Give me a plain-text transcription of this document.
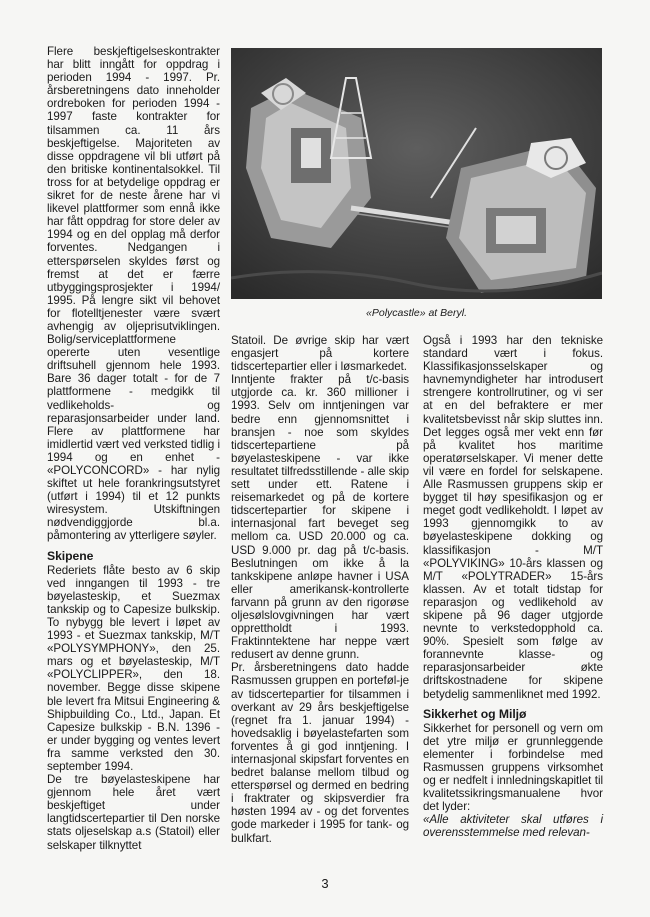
Flere beskjeftigelseskontrakter har blitt inngått for oppdrag i perioden 1994 - 1997. Pr. årsberetningens dato inneholder ordreboken for perioden 1994 - 1997 faste kontrakter for tilsammen ca. 11 års beskjeftigelse. Majoriteten av disse oppdragene vil bli utført på den britiske kontinentalsokkel. Til tross for at betydelige oppdrag er sikret for de neste årene har vi likevel plattformer som ennå ikke har fått oppdrag for store deler av 1994 og en del opplag må derfor forventes. Nedgangen i etterspørselen skyldes først og fremst at det er færre utbyggingsprosjekter i 1994/ 1995. På lengre sikt vil behovet for flotelltjenester være svært avhengig av oljeprisutviklingen. Bolig/serviceplattformene opererte uten vesentlige driftsuhell gjennom hele 1993. Bare 36 dager totalt - for de 7 plattformene - medgikk til vedlikeholds- og reparasjonsarbeider under land. Flere av plattformene har imidlertid vært ved verksted tidlig i 1994 og en enhet - «POLYCONCORD» - har nylig skiftet ut hele forankringsutstyret (utført i 1994) til et 12 punkts wiresystem. Utskiftningen nødvendiggjorde bl.a. påmontering av ytterligere søyler.

Skipene

Rederiets flåte besto av 6 skip ved inngangen til 1993 - tre bøyelasteskip, et Suezmax tankskip og to Capesize bulkskip. To nybygg ble levert i løpet av 1993 - et Suezmax tankskip, M/T «POLYSYMPHONY», den 25. mars og et bøyelasteskip, M/T «POLYCLIPPER», den 18. november. Begge disse skipene ble levert fra Mitsui Engineering & Shipbuilding Co., Ltd., Japan. Et Capesize bulkskip - B.N. 1396 - er under bygging og ventes levert fra samme verksted den 30. september 1994.

De tre bøyelasteskipene har gjennom hele året vært beskjeftiget under langtidscertepartier til Den norske stats oljeselskap a.s (Statoil) eller selskaper tilknyttet

«Polycastle» at Beryl.

Statoil. De øvrige skip har vært engasjert på kortere tidscertepartier eller i løsmarkedet.

Inntjente frakter på t/c-basis utgjorde ca. kr. 360 millioner i 1993. Selv om inntjeningen var bedre enn gjennomsnittet i bransjen - noe som skyldes tidscertepartiene på bøyelasteskipene - var ikke resultatet tilfredsstillende - alle skip sett under ett. Ratene i reisemarkedet og på de kortere tidscertepartier for skipene i internasjonal fart beveget seg mellom ca. USD 20.000 og ca. USD 9.000 pr. dag på t/c-basis. Beslutningen om ikke å la tankskipene anløpe havner i USA eller amerikansk-kontrollerte farvann på grunn av den rigorøse oljesølslovgivningen har vært opprettholdt i 1993. Fraktinntektene har neppe vært redusert av denne grunn.

Pr. årsberetningens dato hadde Rasmussen gruppen en porteføl-je av tidscertepartier for tilsammen i overkant av 29 års beskjeftigelse (regnet fra 1. januar 1994) - hovedsaklig i bøyelastefarten som forventes å gi god inntjening. I internasjonal skipsfart forventes en bedret balanse mellom tilbud og etterspørsel og dermed en bedring i fraktrater og skipsverdier fra høsten 1994 av - og det forventes gode markeder i 1995 for tank- og bulkfart.

Også i 1993 har den tekniske standard vært i fokus. Klassifikasjonsselskaper og havnemyndigheter har introdusert strengere kontrollrutiner, og vi ser at en del befraktere er mer kvalitetsbevisst når skip sluttes inn. Det legges også mer vekt enn før på kvalitet hos maritime operatørselskaper. Vi mener dette vil være en fordel for selskapene. Alle Rasmussen gruppens skip er bygget til høy spesifikasjon og er meget godt vedlikeholdt. I løpet av 1993 gjennomgikk to av bøyelasteskipene dokking og klassifikasjon - M/T «POLYVIKING» 10-års klassen og M/T «POLYTRADER» 15-års klassen. Av et totalt tidstap for reparasjon og vedlikehold av skipene på 96 dager utgjorde nevnte to verkstedopphold ca. 90%. Spesielt som følge av forannevnte klasse- og reparasjonsarbeider økte driftskostnadene for skipene betydelig sammenliknet med 1992.

Sikkerhet og Miljø

Sikkerhet for personell og vern om det ytre miljø er grunnleggende elementer i forbindelse med Rasmussen gruppens virksomhet og er nedfelt i innledningskapitlet til kvalitetssikringsmanualene hvor det lyder:

«Alle aktiviteter skal utføres i overensstemmelse med relevan-

3
